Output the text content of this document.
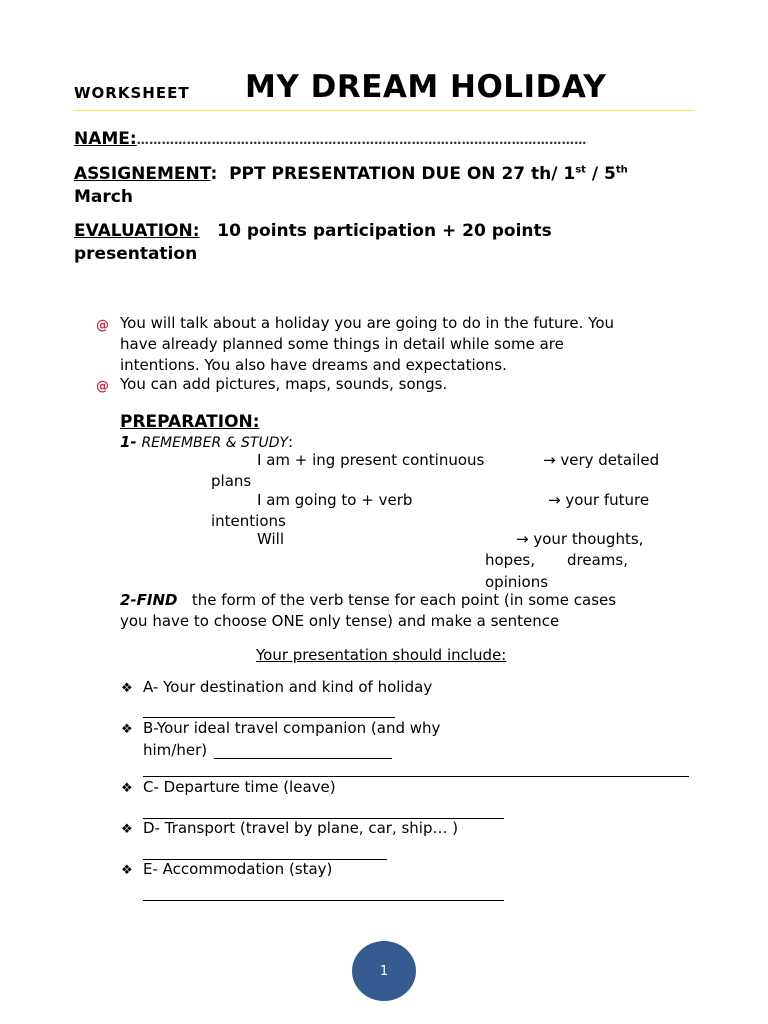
WORKSHEET MY DREAM HOLIDAY
NAME:………………………………………………………………………………………………
ASSIGNEMENT: PPT PRESENTATION DUE ON 27 th/ 1st / 5th
March
EVALUATION: 10 points participation + 20 points
presentation
@ You will talk about a holiday you are going to do in the future. You

have already planned some things in detail while some are

intentions. You also have dreams and expectations.

@ You can add pictures, maps, sounds, songs.
PREPARATION:
1- REMEMBER & STUDY:
I am + ing present continuous	→ very detailed
plans
I am going to + verb	→ your future
intentions
Will	→ your thoughts,
hopes, dreams,
opinions
2-FIND the form of the verb tense for each point (in some cases
you have to choose ONE only tense) and make a sentence
Your presentation should include:
❖ A- Your destination and kind of holiday
❖ B-Your ideal travel companion (and why
him/her)
❖ C- Departure time (leave)
❖ D- Transport (travel by plane, car, ship… )
❖ E- Accommodation (stay)
1
